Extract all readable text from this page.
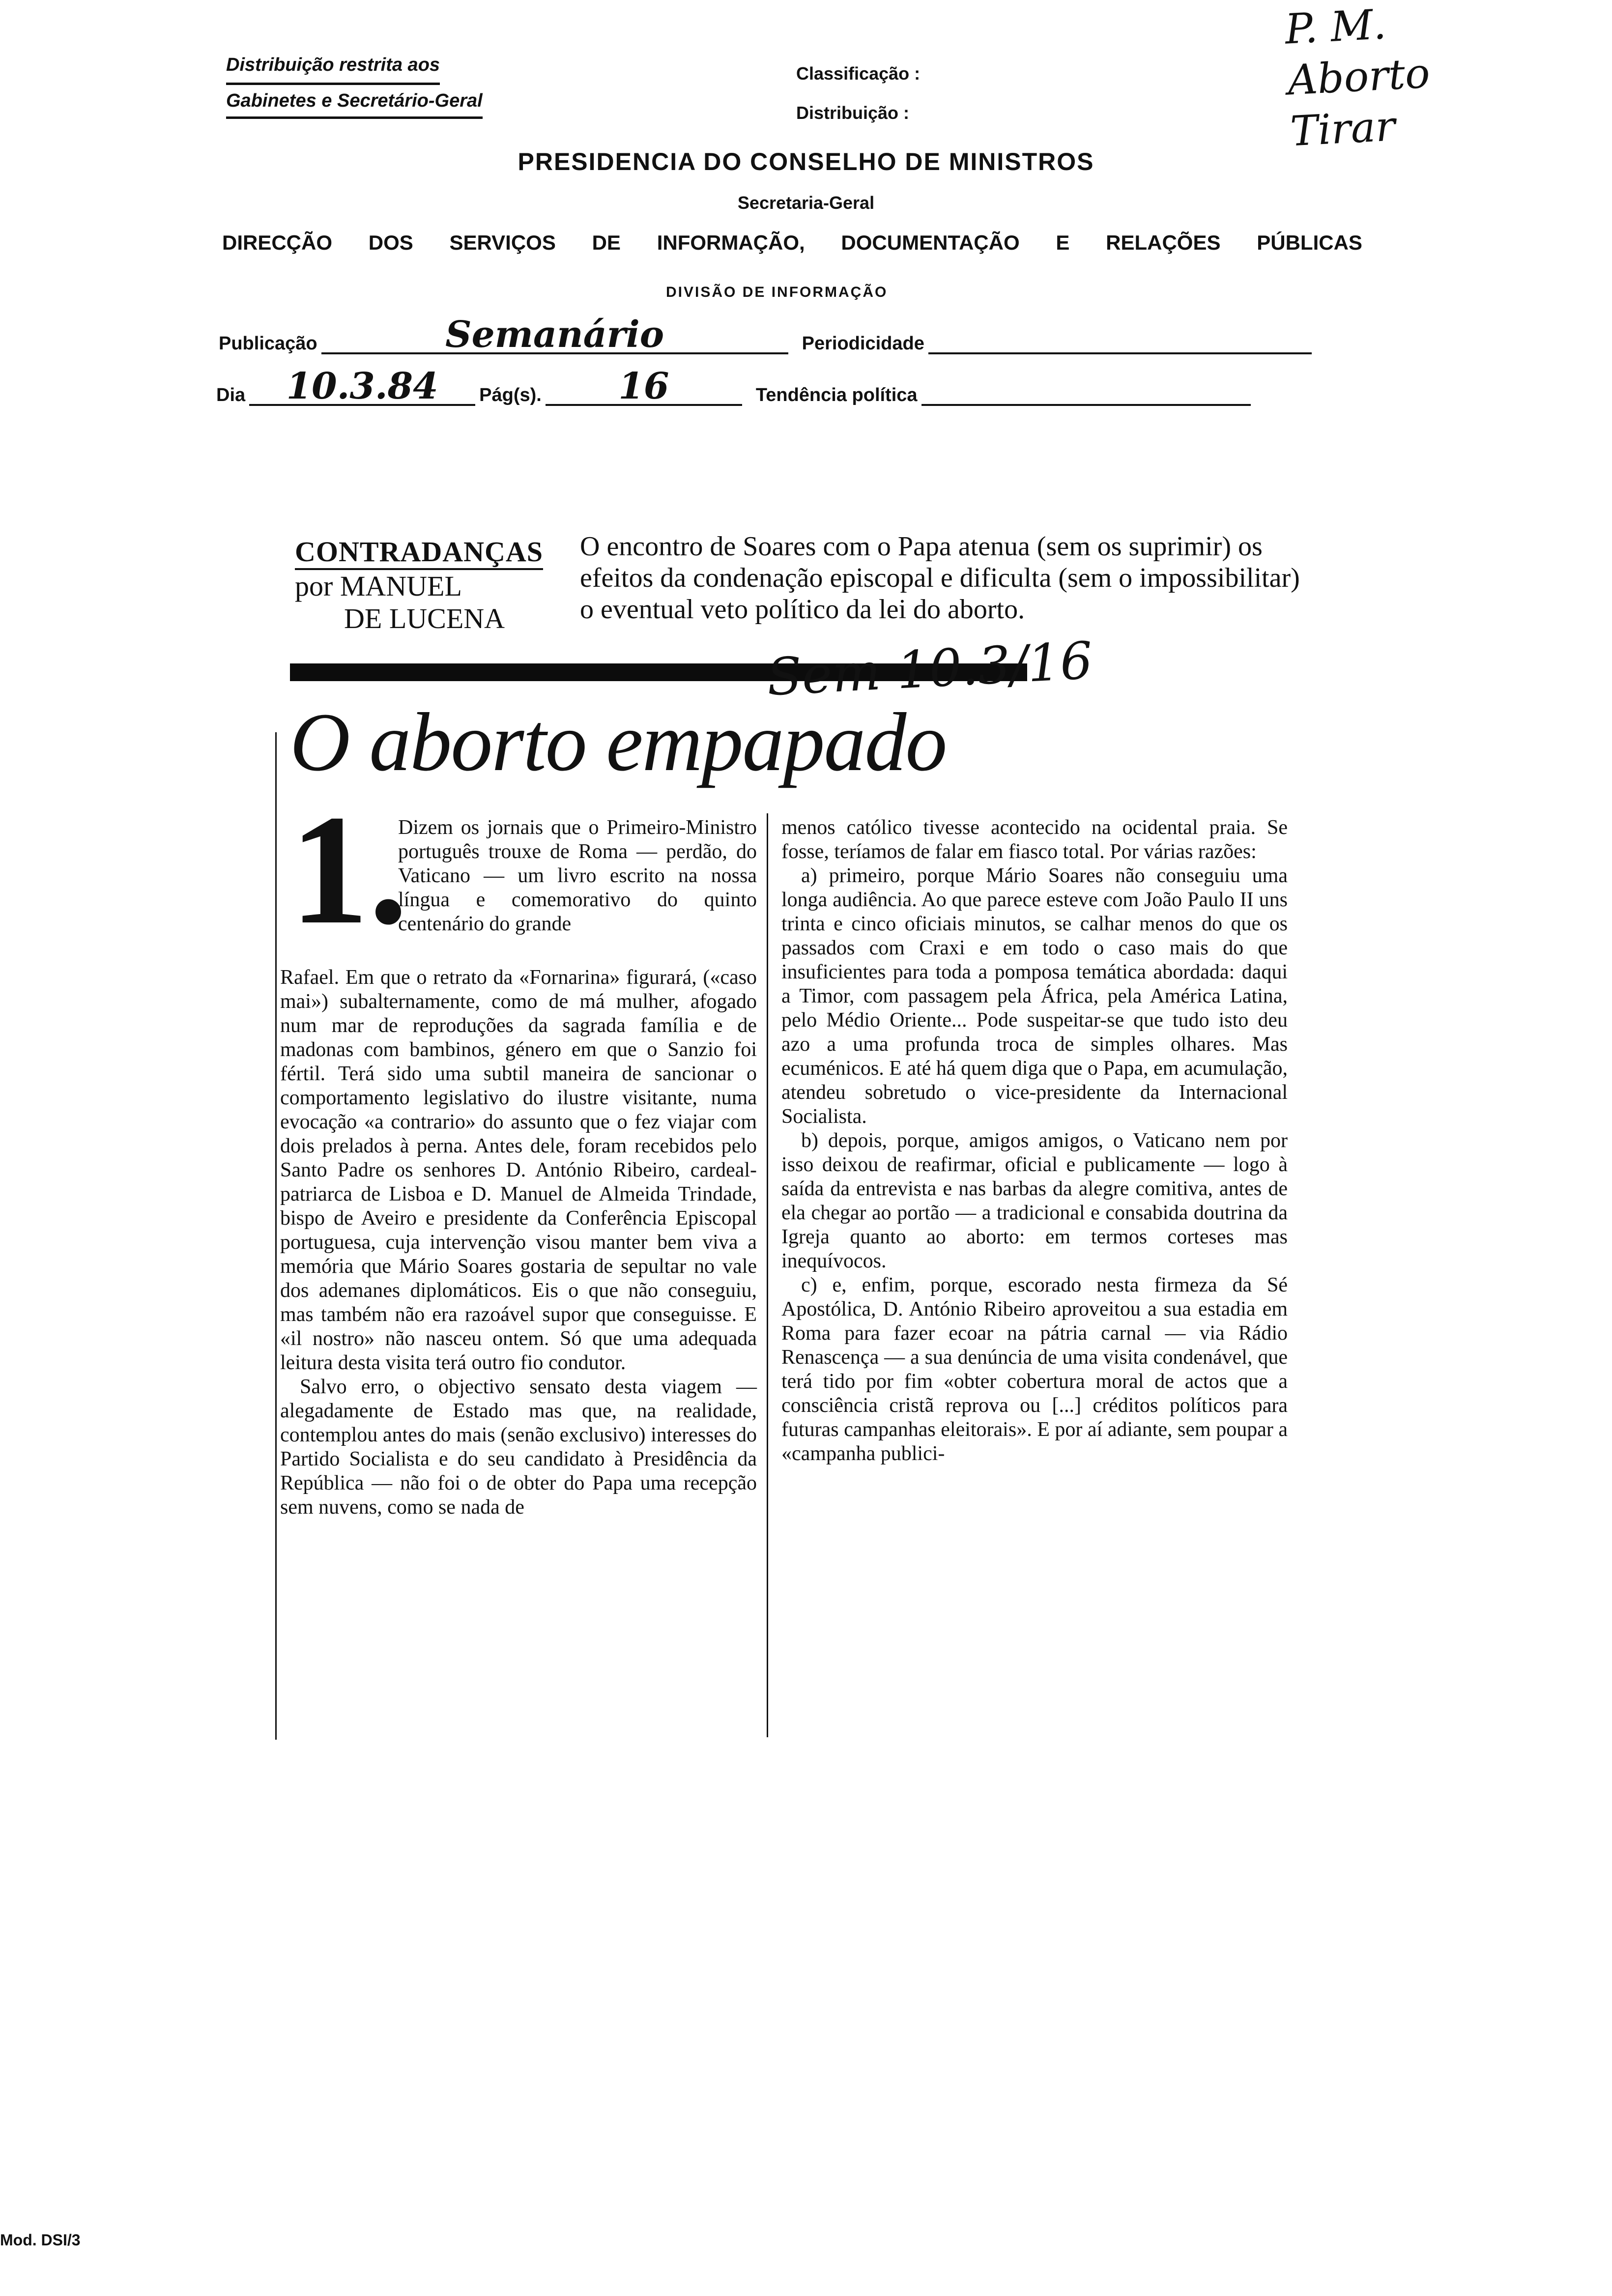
Distribuição restrita aos
Gabinetes e Secretário-Geral
Classificação :
Distribuição :
P. M.
Aborto
Tirar
PRESIDENCIA DO CONSELHO DE MINISTROS
Secretaria-Geral
DIRECÇÃO DOS SERVIÇOS DE INFORMAÇÃO, DOCUMENTAÇÃO E RELAÇÕES PÚBLICAS
DIVISÃO DE INFORMAÇÃO
Publicação	Semanário	Periodicidade
Dia	10.3.84	Pág(s).	16	Tendência política
CONTRADANÇAS
por MANUEL
DE LUCENA
O encontro de Soares com o Papa atenua (sem os suprimir) os efeitos da condenação episcopal e dificulta (sem o impossibilitar) o eventual veto político da lei do aborto.
Sem 10.3/16
O aborto empapado
1.

Dizem os jornais que o Primeiro-Ministro português trouxe de Roma — perdão, do Vaticano — um livro escrito na nossa língua e comemorativo do quinto centenário do grande

Rafael. Em que o retrato da «Fornarina» figurará, («caso mai») subalternamente, como de má mulher, afogado num mar de reproduções da sagrada família e de madonas com bambinos, género em que o Sanzio foi fértil. Terá sido uma subtil maneira de sancionar o comportamento legislativo do ilustre visitante, numa evocação «a contrario» do assunto que o fez viajar com dois prelados à perna. Antes dele, foram recebidos pelo Santo Padre os senhores D. António Ribeiro, cardeal-patriarca de Lisboa e D. Manuel de Almeida Trindade, bispo de Aveiro e presidente da Conferência Episcopal portuguesa, cuja intervenção visou manter bem viva a memória que Mário Soares gostaria de sepultar no vale dos ademanes diplomáticos. Eis o que não conseguiu, mas também não era razoável supor que conseguisse. E «il nostro» não nasceu ontem. Só que uma adequada leitura desta visita terá outro fio condutor.

Salvo erro, o objectivo sensato desta viagem — alegadamente de Estado mas que, na realidade, contemplou antes do mais (senão exclusivo) interesses do Partido Socialista e do seu candidato à Presidência da República — não foi o de obter do Papa uma recepção sem nuvens, como se nada de

menos católico tivesse acontecido na ocidental praia. Se fosse, teríamos de falar em fiasco total. Por várias razões:

a) primeiro, porque Mário Soares não conseguiu uma longa audiência. Ao que parece esteve com João Paulo II uns trinta e cinco oficiais minutos, se calhar menos do que os passados com Craxi e em todo o caso mais do que insuficientes para toda a pomposa temática abordada: daqui a Timor, com passagem pela África, pela América Latina, pelo Médio Oriente... Pode suspeitar-se que tudo isto deu azo a uma profunda troca de simples olhares. Mas ecuménicos. E até há quem diga que o Papa, em acumulação, atendeu sobretudo o vice-presidente da Internacional Socialista.

b) depois, porque, amigos amigos, o Vaticano nem por isso deixou de reafirmar, oficial e publicamente — logo à saída da entrevista e nas barbas da alegre comitiva, antes de ela chegar ao portão — a tradicional e consabida doutrina da Igreja quanto ao aborto: em termos corteses mas inequívocos.

c) e, enfim, porque, escorado nesta firmeza da Sé Apostólica, D. António Ribeiro aproveitou a sua estadia em Roma para fazer ecoar na pátria carnal — via Rádio Renascença — a sua denúncia de uma visita condenável, que terá tido por fim «obter cobertura moral de actos que a consciência cristã reprova ou [...] créditos políticos para futuras campanhas eleitorais». E por aí adiante, sem poupar a «campanha publici-

Mod. DSI/3
